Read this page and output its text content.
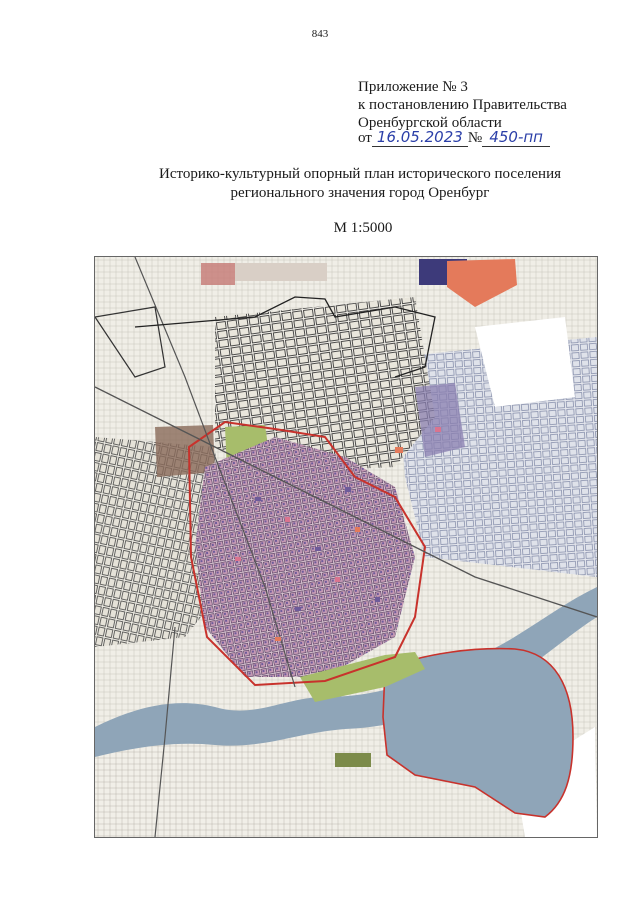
843
Приложение № 3
к постановлению Правительства
Оренбургской области
от 16.05.2023 № 450-пп
Историко-культурный опорный план исторического поселения
регионального значения город Оренбург
М 1:5000
